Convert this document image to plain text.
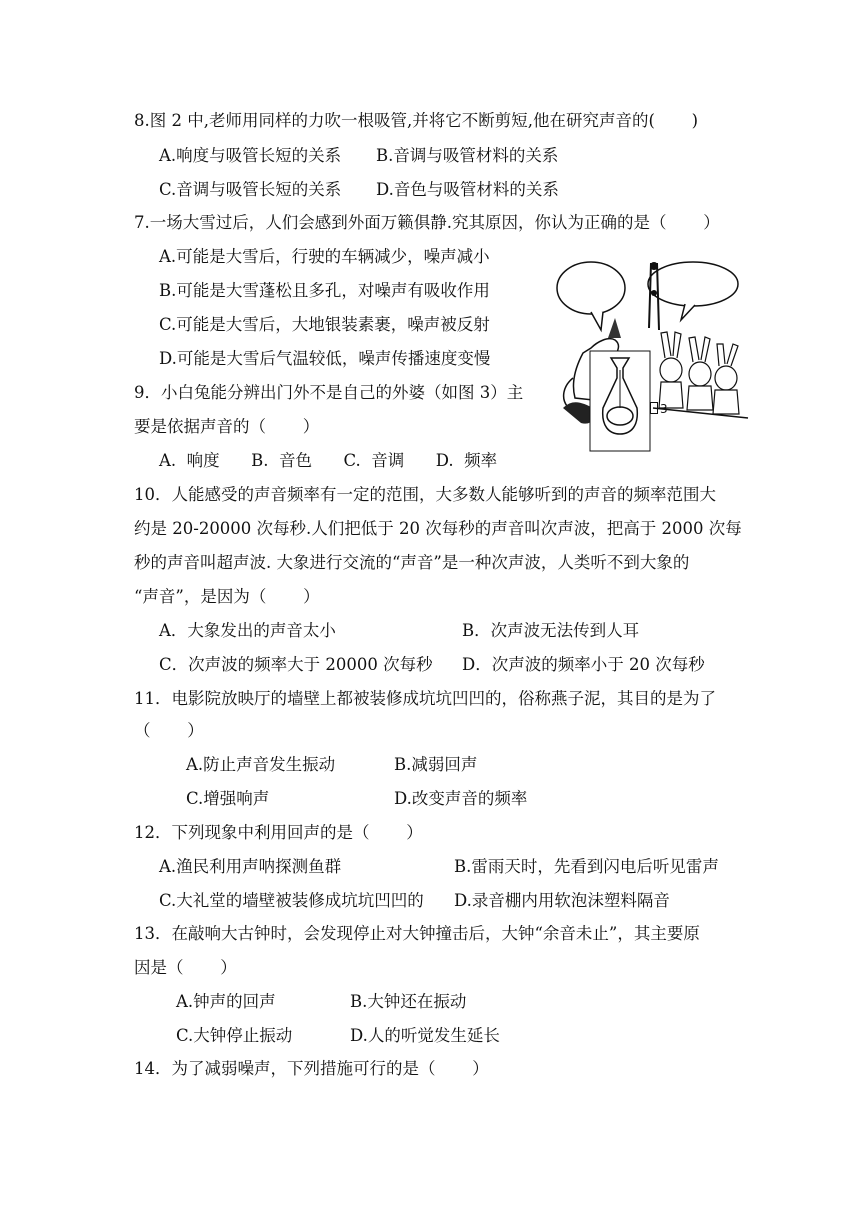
8.图 2 中,老师用同样的力吹一根吸管,并将它不断剪短,他在研究声音的(       )
A.响度与吸管长短的关系 B.音调与吸管材料的关系
C.音调与吸管长短的关系 D.音色与吸管材料的关系
7.一场大雪过后，人们会感到外面万籁俱静.究其原因，你认为正确的是（       ）
A.可能是大雪后，行驶的车辆减少，噪声减小
B.可能是大雪蓬松且多孔，对噪声有吸收作用
C.可能是大雪后，大地银装素裹，噪声被反射
D.可能是大雪后气温较低，噪声传播速度变慢
9．小白兔能分辨出门外不是自己的外婆（如图 3）主
要是依据声音的（       ）
A.  响度      B.  音色      C.  音调      D.  频率
3
10．人能感受的声音频率有一定的范围，大多数人能够听到的声音的频率范围大
约是 20-20000 次每秒.人们把低于 20 次每秒的声音叫次声波，把高于 2000 次每
秒的声音叫超声波. 大象进行交流的“声音”是一种次声波，人类听不到大象的
“声音”，是因为（       ）
A．大象发出的声音太小	B．次声波无法传到人耳
C．次声波的频率大于 20000 次每秒 D．次声波的频率小于 20 次每秒
11．电影院放映厅的墙壁上都被装修成坑坑凹凹的，俗称燕子泥，其目的是为了
（       ）
A.防止声音发生振动	B.减弱回声
C.增强响声	D.改变声音的频率
12．下列现象中利用回声的是（       ）
A.渔民利用声呐探测鱼群	B.雷雨天时，先看到闪电后听见雷声
C.大礼堂的墙壁被装修成坑坑凹凹的 D.录音棚内用软泡沫塑料隔音
13．在敲响大古钟时，会发现停止对大钟撞击后，大钟“余音未止”，其主要原
因是（       ）
A.钟声的回声	B.大钟还在振动
C.大钟停止振动	D.人的听觉发生延长
14．为了减弱噪声，下列措施可行的是（       ）
